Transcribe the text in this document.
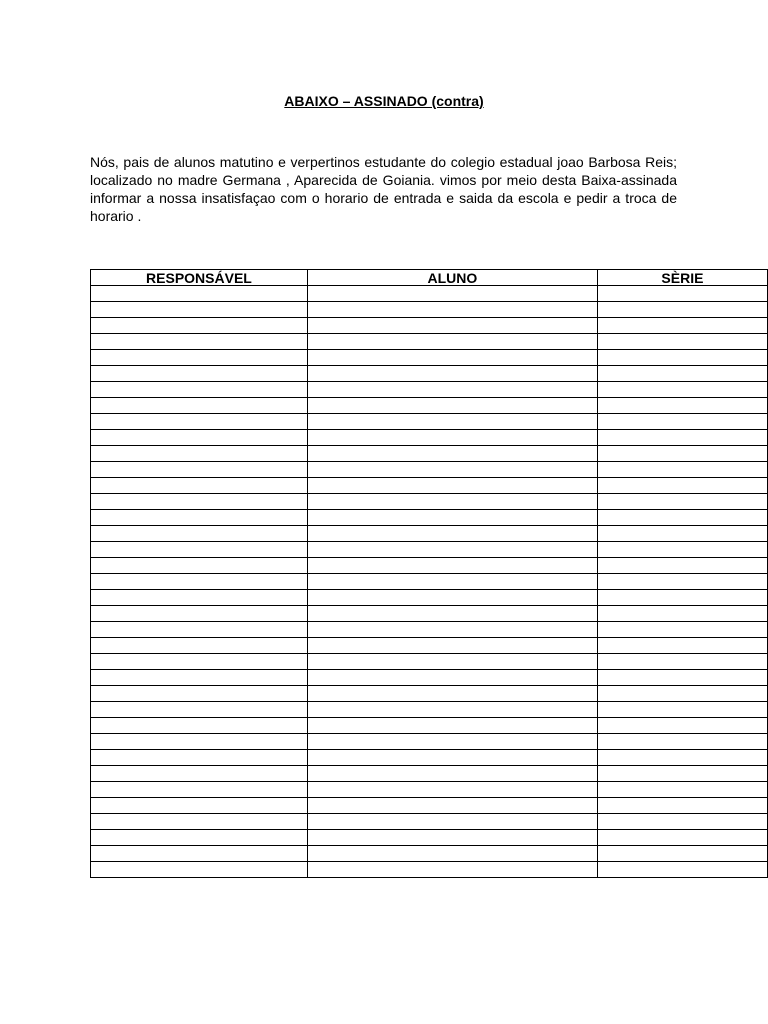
ABAIXO – ASSINADO (contra)
Nós, pais de alunos matutino e verpertinos estudante do colegio estadual joao Barbosa Reis; localizado no madre Germana , Aparecida de Goiania. vimos por meio desta Baixa-assinada informar a nossa insatisfaçao com o horario de entrada e saida da escola e pedir a troca de horario .
RESPONSÁVEL	ALUNO	SÈRIE
